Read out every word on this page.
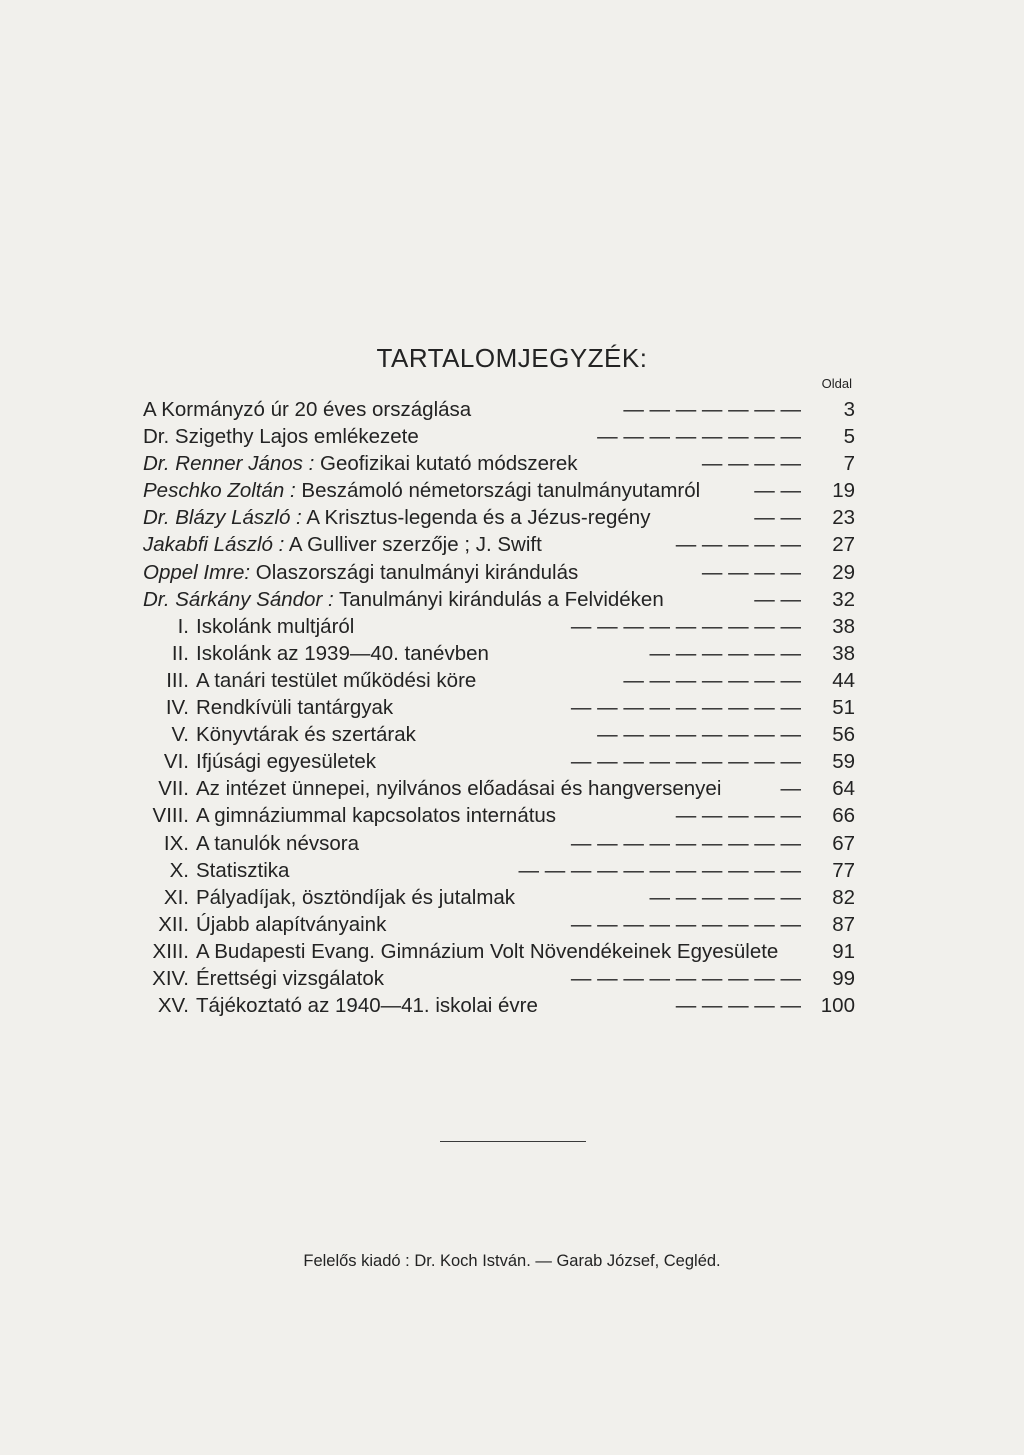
TARTALOMJEGYZÉK:
Oldal
A Kormányzó úr 20 éves országlása	— — — — — — —	3
Dr. Szigethy Lajos emlékezete	— — — — — — — —	5
Dr. Renner János : Geofizikai kutató módszerek	— — — —	7
Peschko Zoltán : Beszámoló németországi tanulmányutamról	— —	19
Dr. Blázy László : A Krisztus-legenda és a Jézus-regény	— —	23
Jakabfi László : A Gulliver szerzője ; J. Swift	— — — — —	27
Oppel Imre: Olaszországi tanulmányi kirándulás	— — — —	29
Dr. Sárkány Sándor : Tanulmányi kirándulás a Felvidéken	— —	32
I. Iskolánk multjáról	— — — — — — — — —	38
II. Iskolánk az 1939—40. tanévben	— — — — — —	38
III. A tanári testület működési köre	— — — — — — —	44
IV. Rendkívüli tantárgyak	— — — — — — — — —	51
V. Könyvtárak és szertárak	— — — — — — — —	56
VI. Ifjúsági egyesületek	— — — — — — — — —	59
VII. Az intézet ünnepei, nyilvános előadásai és hangversenyei	—	64
VIII. A gimnáziummal kapcsolatos internátus	— — — — —	66
IX. A tanulók névsora	— — — — — — — — —	67
X. Statisztika	— — — — — — — — — — —	77
XI. Pályadíjak, ösztöndíjak és jutalmak	— — — — — —	82
XII. Újabb alapítványaink	— — — — — — — — —	87
XIII. A Budapesti Evang. Gimnázium Volt Növendékeinek Egyesülete	91
XIV. Érettségi vizsgálatok	— — — — — — — — —	99
XV. Tájékoztató az 1940—41. iskolai évre	— — — — — 100
Felelős kiadó : Dr. Koch István. — Garab József, Cegléd.
